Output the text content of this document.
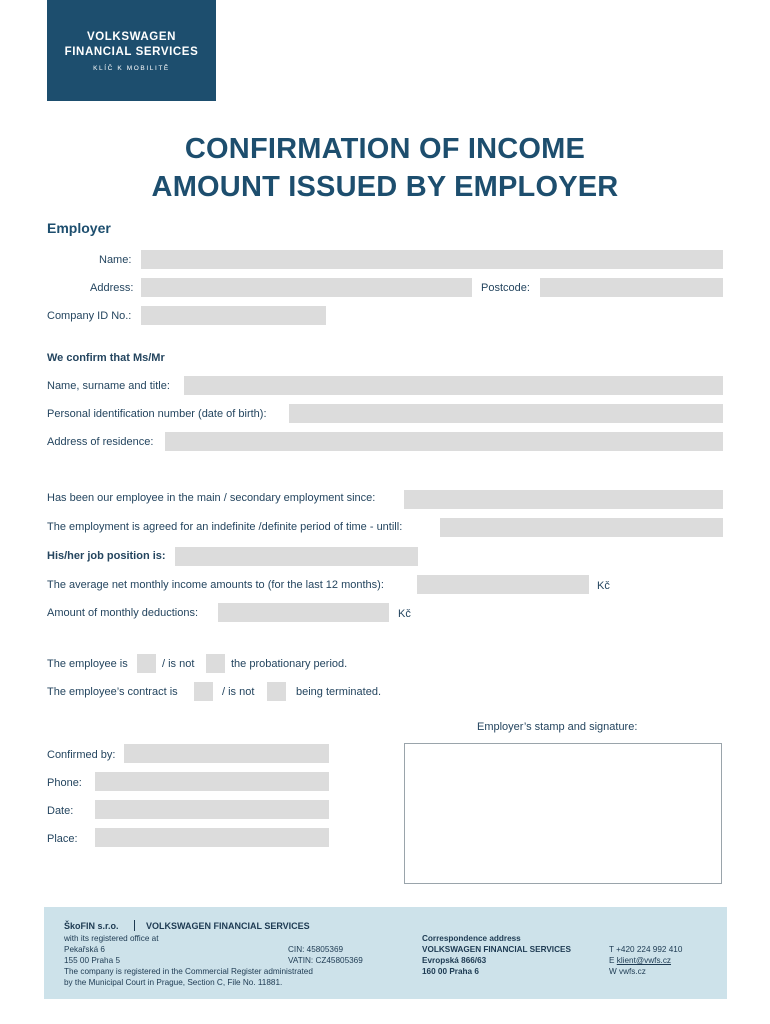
VOLKSWAGEN
FINANCIAL SERVICES
KLÍČ K MOBILITĚ
CONFIRMATION OF INCOME
AMOUNT ISSUED BY EMPLOYER
Employer
Name:
Address:	Postcode:
Company ID No.:
We confirm that Ms/Mr
Name, surname and title:
Personal identification number (date of birth):
Address of residence:
Has been our employee in the main / secondary employment since:
The employment is agreed for an indefinite /definite period of time - untill:
His/her job position is:
The average net monthly income amounts to (for the last 12 months):	Kč
Amount of monthly deductions:	Kč
The employee is	/ is not	the probationary period.
The employee’s contract is	/ is not	being terminated.
Employer’s stamp and signature:
Confirmed by:
Phone:
Date:
Place:
ŠkoFIN s.r.o.	VOLKSWAGEN FINANCIAL SERVICES
with its registered office at
Pekařská 6
155 00 Praha 5
The company is registered in the Commercial Register administrated
by the Municipal Court in Prague, Section C, File No. 11881.
CIN: 45805369
VATIN: CZ45805369
Correspondence address
VOLKSWAGEN FINANCIAL SERVICES
Evropská 866/63
160 00 Praha 6
T +420 224 992 410
E klient@vwfs.cz
W vwfs.cz
